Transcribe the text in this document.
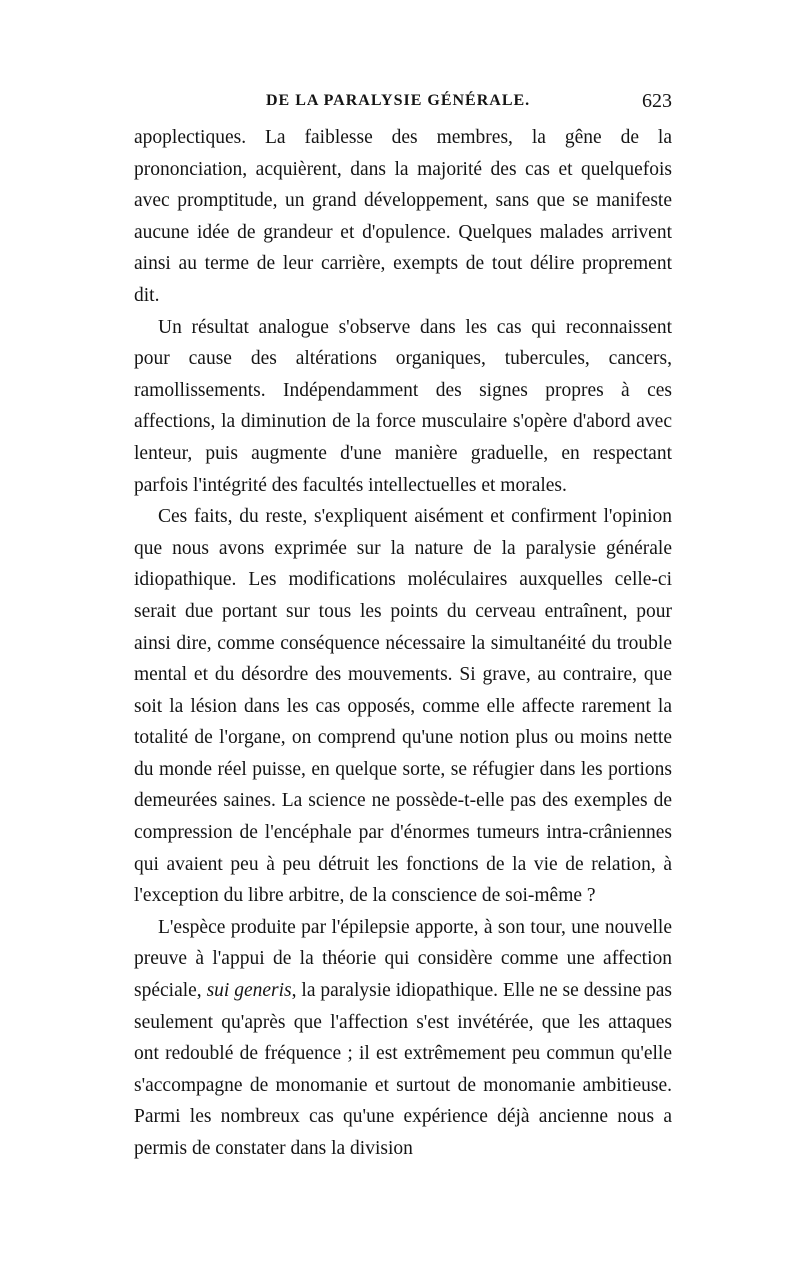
DE LA PARALYSIE GÉNÉRALE.	623

apoplectiques. La faiblesse des membres, la gêne de la prononciation, acquièrent, dans la majorité des cas et quelquefois avec promptitude, un grand développement, sans que se manifeste aucune idée de grandeur et d'opulence. Quelques malades arrivent ainsi au terme de leur carrière, exempts de tout délire proprement dit.

Un résultat analogue s'observe dans les cas qui reconnaissent pour cause des altérations organiques, tubercules, cancers, ramollissements. Indépendamment des signes propres à ces affections, la diminution de la force musculaire s'opère d'abord avec lenteur, puis augmente d'une manière graduelle, en respectant parfois l'intégrité des facultés intellectuelles et morales.

Ces faits, du reste, s'expliquent aisément et confirment l'opinion que nous avons exprimée sur la nature de la paralysie générale idiopathique. Les modifications moléculaires auxquelles celle-ci serait due portant sur tous les points du cerveau entraînent, pour ainsi dire, comme conséquence nécessaire la simultanéité du trouble mental et du désordre des mouvements. Si grave, au contraire, que soit la lésion dans les cas opposés, comme elle affecte rarement la totalité de l'organe, on comprend qu'une notion plus ou moins nette du monde réel puisse, en quelque sorte, se réfugier dans les portions demeurées saines. La science ne possède-t-elle pas des exemples de compression de l'encéphale par d'énormes tumeurs intra-crâniennes qui avaient peu à peu détruit les fonctions de la vie de relation, à l'exception du libre arbitre, de la conscience de soi-même ?

L'espèce produite par l'épilepsie apporte, à son tour, une nouvelle preuve à l'appui de la théorie qui considère comme une affection spéciale, sui generis, la paralysie idiopathique. Elle ne se dessine pas seulement qu'après que l'affection s'est invétérée, que les attaques ont redoublé de fréquence ; il est extrêmement peu commun qu'elle s'accompagne de monomanie et surtout de monomanie ambitieuse. Parmi les nombreux cas qu'une expérience déjà ancienne nous a permis de constater dans la division
